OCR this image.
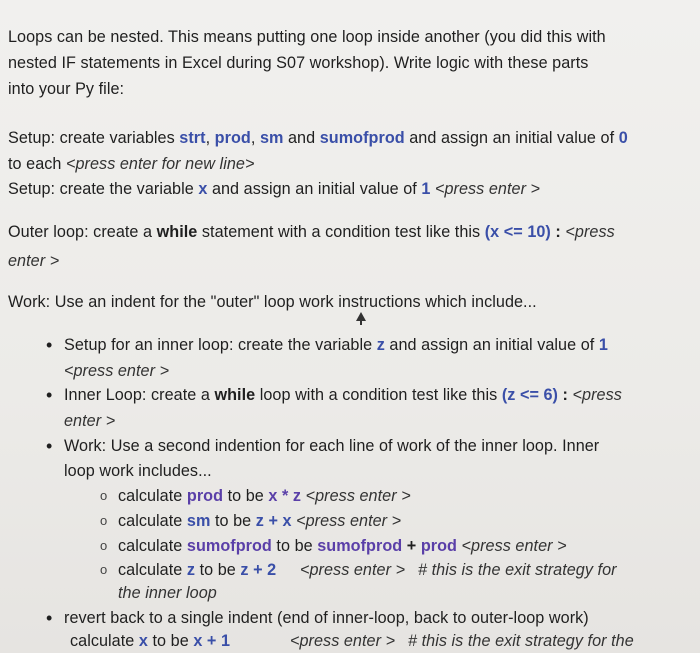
Loops can be nested. This means putting one loop inside another (you did this with
nested IF statements in Excel during S07 workshop). Write logic with these parts
into your Py file:
Setup: create variables strt, prod, sm and sumofprod and assign an initial value of 0
to each <press enter for new line>
Setup: create the variable x and assign an initial value of 1 <press enter >
Outer loop: create a while statement with a condition test like this (x <= 10) : <press
enter >
Work: Use an indent for the "outer" loop work instructions which include...
• Setup for an inner loop: create the variable z and assign an initial value of 1
<press enter >
• Inner Loop: create a while loop with a condition test like this (z <= 6) : <press
enter >
• Work: Use a second indention for each line of work of the inner loop. Inner
loop work includes...
o calculate prod to be x * z <press enter >
o calculate sm to be z + x <press enter >
o calculate sumofprod to be sumofprod + prod <press enter >
o calculate z to be z + 2 <press enter > # this is the exit strategy for
the inner loop
• revert back to a single indent (end of inner-loop, back to outer-loop work)
calculate x to be x + 1	<press enter > # this is the exit strategy for the
